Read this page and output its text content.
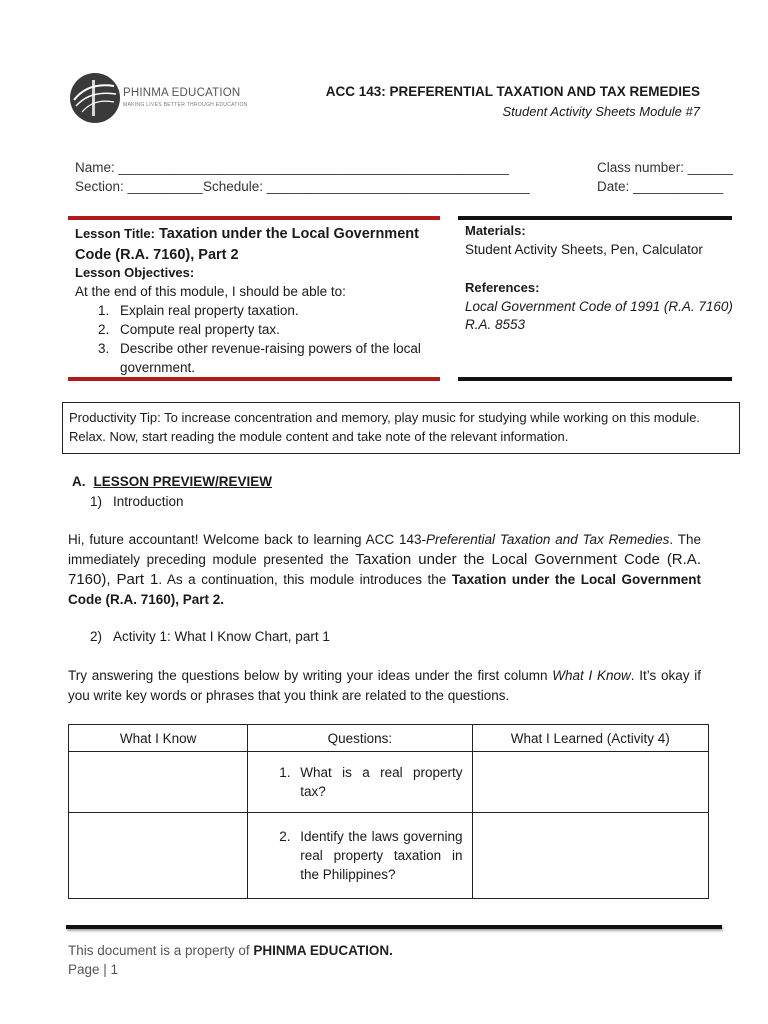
PHINMA EDUCATION
MAKING LIVES BETTER THROUGH EDUCATION
ACC 143: PREFERENTIAL TAXATION AND TAX REMEDIES
Student Activity Sheets Module #7
Name: ____________________________________________________	Class number: ______
Section: __________ Schedule: ___________________________________	Date: ____________
Lesson Title: Taxation under the Local Government Code (R.A. 7160), Part 2
Lesson Objectives:
At the end of this module, I should be able to:
1. Explain real property taxation.
2. Compute real property tax.
3. Describe other revenue-raising powers of the local government.
Materials:
Student Activity Sheets, Pen, Calculator
References:
Local Government Code of 1991 (R.A. 7160)
R.A. 8553
Productivity Tip: To increase concentration and memory, play music for studying while working on this module.
Relax. Now, start reading the module content and take note of the relevant information.
A. LESSON PREVIEW/REVIEW
1) Introduction
Hi, future accountant! Welcome back to learning ACC 143-Preferential Taxation and Tax Remedies. The immediately preceding module presented the Taxation under the Local Government Code (R.A. 7160), Part 1. As a continuation, this module introduces the Taxation under the Local Government Code (R.A. 7160), Part 2.
2) Activity 1: What I Know Chart, part 1
Try answering the questions below by writing your ideas under the first column What I Know. It’s okay if you write key words or phrases that you think are related to the questions.
What I Know	Questions:	What I Learned (Activity 4)

	1. What is a real property tax?	

	2. Identify the laws governing real property taxation in the Philippines?	

This document is a property of PHINMA EDUCATION.
Page | 1
